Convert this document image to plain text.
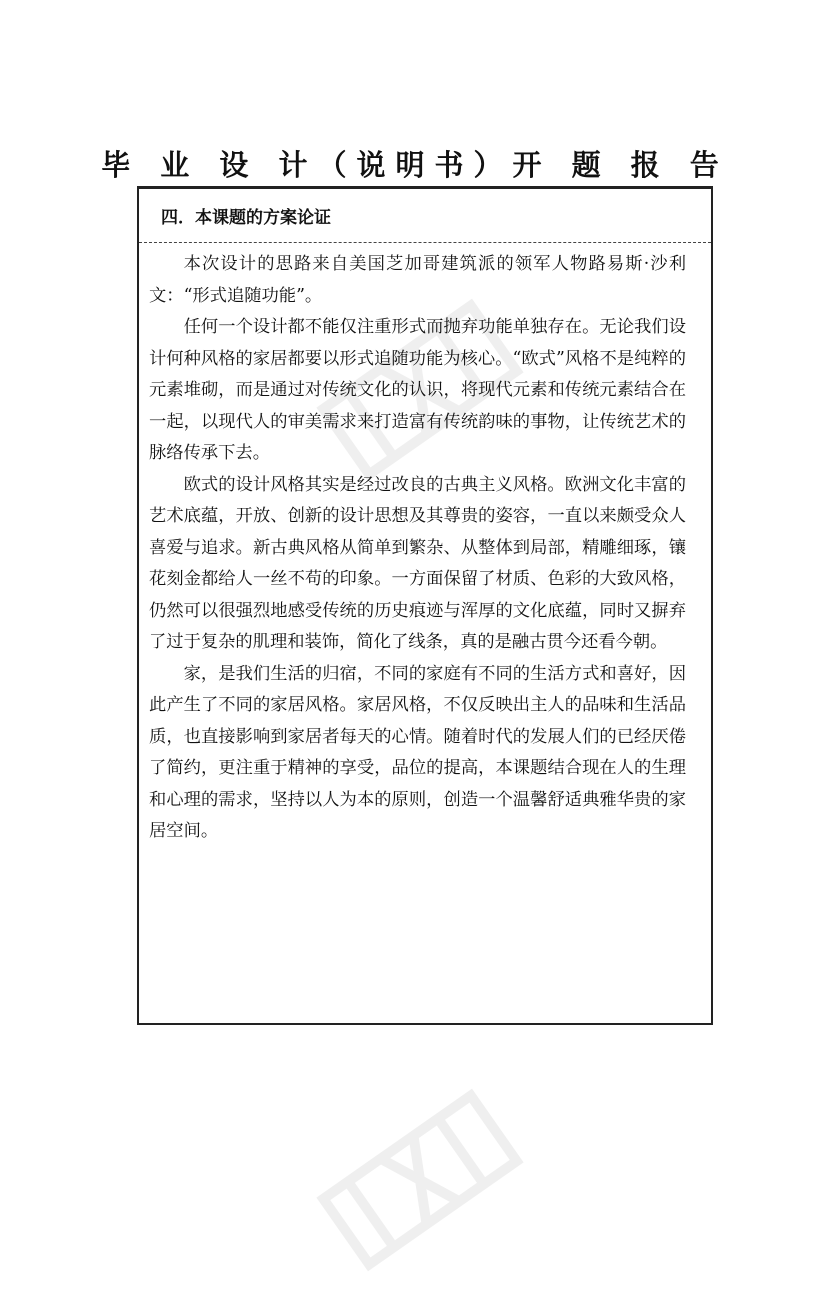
毕 业 设 计（说明书）开 题 报 告
四．本课题的方案论证

本次设计的思路来自美国芝加哥建筑派的领军人物路易斯·沙利文：“形式追随功能”。

任何一个设计都不能仅注重形式而抛弃功能单独存在。无论我们设计何种风格的家居都要以形式追随功能为核心。“欧式”风格不是纯粹的元素堆砌，而是通过对传统文化的认识，将现代元素和传统元素结合在一起，以现代人的审美需求来打造富有传统韵味的事物，让传统艺术的脉络传承下去。

欧式的设计风格其实是经过改良的古典主义风格。欧洲文化丰富的艺术底蕴，开放、创新的设计思想及其尊贵的姿容，一直以来颇受众人喜爱与追求。新古典风格从简单到繁杂、从整体到局部，精雕细琢，镶花刻金都给人一丝不苟的印象。一方面保留了材质、色彩的大致风格，仍然可以很强烈地感受传统的历史痕迹与浑厚的文化底蕴，同时又摒弃了过于复杂的肌理和装饰，简化了线条，真的是融古贯今还看今朝。

家，是我们生活的归宿，不同的家庭有不同的生活方式和喜好，因此产生了不同的家居风格。家居风格，不仅反映出主人的品味和生活品质，也直接影响到家居者每天的心情。随着时代的发展人们的已经厌倦了简约，更注重于精神的享受，品位的提高，本课题结合现在人的生理和心理的需求，坚持以人为本的原则，创造一个温馨舒适典雅华贵的家居空间。
